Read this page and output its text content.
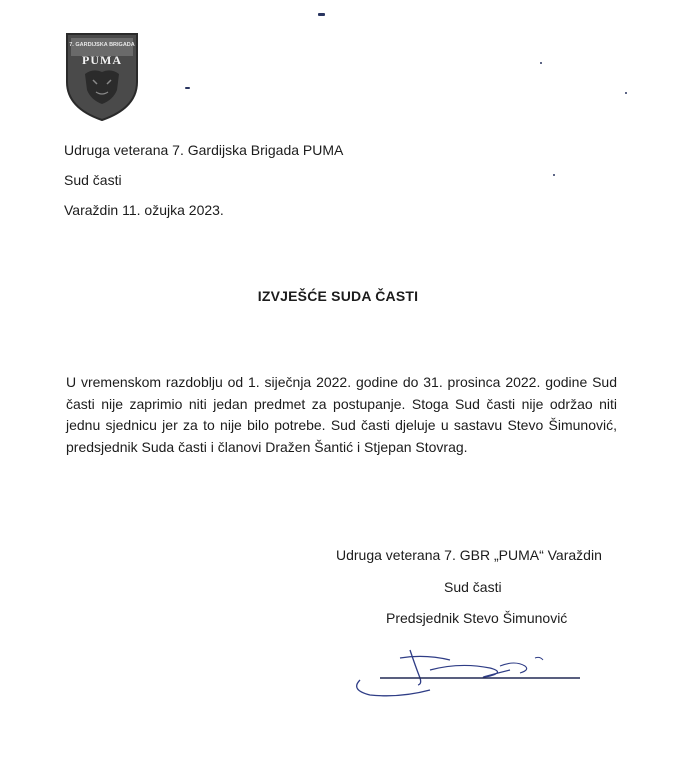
7. GARDIJSKA BRIGADA
PUMA
Udruga veterana 7. Gardijska Brigada PUMA
Sud časti
Varaždin 11. ožujka 2023.
IZVJEŠĆE SUDA ČASTI
U vremenskom razdoblju od 1. siječnja 2022. godine do 31. prosinca 2022. godine Sud časti nije zaprimio niti jedan predmet za postupanje. Stoga Sud časti nije održao niti jednu sjednicu jer za to nije bilo potrebe. Sud časti djeluje u sastavu Stevo Šimunović, predsjednik Suda časti i članovi Dražen Šantić i Stjepan Stovrag.
Udruga veterana 7. GBR „PUMA“ Varaždin
Sud časti
Predsjednik Stevo Šimunović
